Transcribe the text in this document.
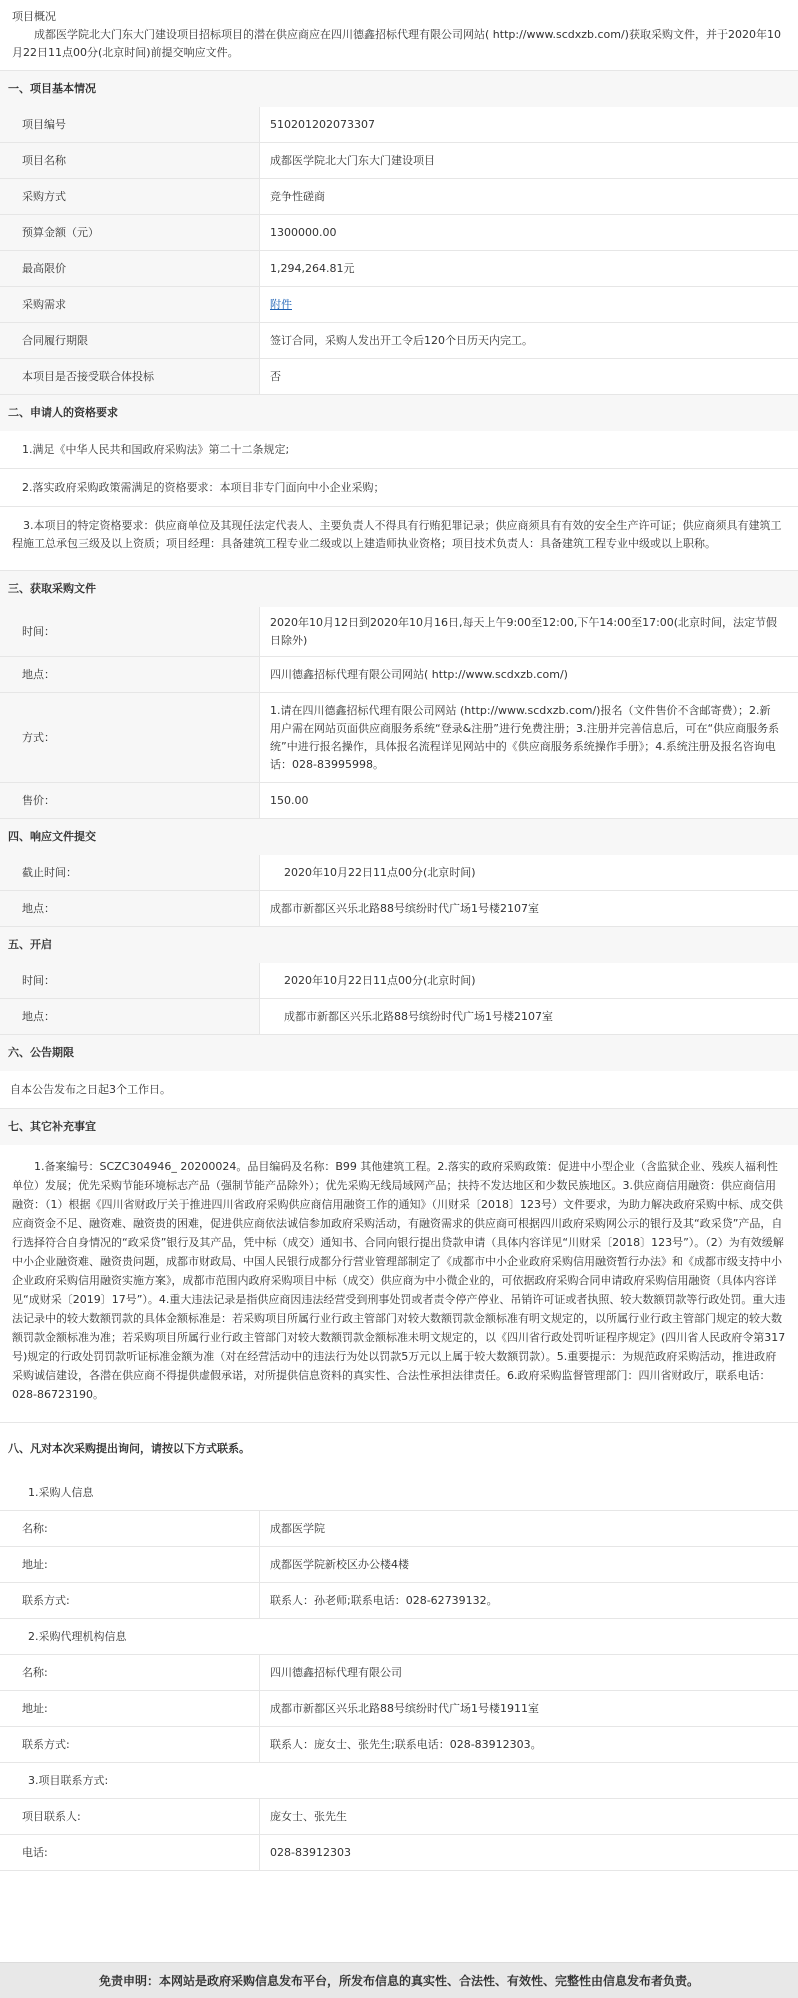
项目概况
成都医学院北大门东大门建设项目招标项目的潜在供应商应在四川德鑫招标代理有限公司网站( http://www.scdxzb.com/)获取采购文件，并于2020年10月22日11点00分(北京时间)前提交响应文件。
一、项目基本情况
项目编号	510201202073307
项目名称	成都医学院北大门东大门建设项目
采购方式	竞争性磋商
预算金额（元）	1300000.00
最高限价	1,294,264.81元
采购需求	附件
合同履行期限	签订合同，采购人发出开工令后120个日历天内完工。
本项目是否接受联合体投标	否
二、申请人的资格要求
1.满足《中华人民共和国政府采购法》第二十二条规定;
2.落实政府采购政策需满足的资格要求：本项目非专门面向中小企业采购；
3.本项目的特定资格要求：供应商单位及其现任法定代表人、主要负责人不得具有行贿犯罪记录；供应商须具有有效的安全生产许可证；供应商须具有建筑工程施工总承包三级及以上资质；项目经理：具备建筑工程专业二级或以上建造师执业资格；项目技术负责人：具备建筑工程专业中级或以上职称。
三、获取采购文件
时间：
2020年10月12日到2020年10月16日,每天上午9:00至12:00,下午14:00至17:00(北京时间，法定节假日除外)
地点：	四川德鑫招标代理有限公司网站( http://www.scdxzb.com/)
方式：
1.请在四川德鑫招标代理有限公司网站 (http://www.scdxzb.com/)报名（文件售价不含邮寄费）；2.新用户需在网站页面供应商服务系统“登录&注册”进行免费注册；3.注册并完善信息后，可在“供应商服务系统”中进行报名操作，具体报名流程详见网站中的《供应商服务系统操作手册》；4.系统注册及报名咨询电话：028-83995998。
售价：	150.00
四、响应文件提交
截止时间：	2020年10月22日11点00分(北京时间)
地点：	成都市新都区兴乐北路88号缤纷时代广场1号楼2107室
五、开启
时间：	2020年10月22日11点00分(北京时间)
地点：	成都市新都区兴乐北路88号缤纷时代广场1号楼2107室
六、公告期限
自本公告发布之日起3个工作日。
七、其它补充事宜
1.备案编号：SCZC304946_ 20200024。品目编码及名称：B99 其他建筑工程。2.落实的政府采购政策：促进中小型企业（含监狱企业、残疾人福利性单位）发展；优先采购节能环境标志产品（强制节能产品除外）；优先采购无线局域网产品；扶持不发达地区和少数民族地区。3.供应商信用融资：供应商信用融资：（1）根据《四川省财政厅关于推进四川省政府采购供应商信用融资工作的通知》（川财采〔2018〕123号）文件要求，为助力解决政府采购中标、成交供应商资金不足、融资难、融资贵的困难，促进供应商依法诚信参加政府采购活动，有融资需求的供应商可根据四川政府采购网公示的银行及其“政采贷”产品，自行选择符合自身情况的“政采贷”银行及其产品，凭中标（成交）通知书、合同向银行提出贷款申请（具体内容详见“川财采〔2018〕123号”）。（2）为有效缓解中小企业融资难、融资贵问题，成都市财政局、中国人民银行成都分行营业管理部制定了《成都市中小企业政府采购信用融资暂行办法》和《成都市级支持中小企业政府采购信用融资实施方案》，成都市范围内政府采购项目中标（成交）供应商为中小微企业的，可依据政府采购合同申请政府采购信用融资（具体内容详见“成财采〔2019〕17号”）。4.重大违法记录是指供应商因违法经营受到刑事处罚或者责令停产停业、吊销许可证或者执照、较大数额罚款等行政处罚。重大违法记录中的较大数额罚款的具体金额标准是：若采购项目所属行业行政主管部门对较大数额罚款金额标准有明文规定的，以所属行业行政主管部门规定的较大数额罚款金额标准为准；若采购项目所属行业行政主管部门对较大数额罚款金额标准未明文规定的，以《四川省行政处罚听证程序规定》(四川省人民政府令第317号)规定的行政处罚罚款听证标准金额为准（对在经营活动中的违法行为处以罚款5万元以上属于较大数额罚款）。5.重要提示：为规范政府采购活动，推进政府采购诚信建设，各潜在供应商不得提供虚假承诺，对所提供信息资料的真实性、合法性承担法律责任。6.政府采购监督管理部门：四川省财政厅，联系电话：028-86723190。
八、凡对本次采购提出询问，请按以下方式联系。
1.采购人信息
名称:	成都医学院
地址:	成都医学院新校区办公楼4楼
联系方式:	联系人：孙老师;联系电话：028-62739132。
2.采购代理机构信息
名称:	四川德鑫招标代理有限公司
地址:	成都市新都区兴乐北路88号缤纷时代广场1号楼1911室
联系方式:	联系人：庞女士、张先生;联系电话：028-83912303。
3.项目联系方式:
项目联系人:	庞女士、张先生
电话:	028-83912303
免责申明：本网站是政府采购信息发布平台，所发布信息的真实性、合法性、有效性、完整性由信息发布者负责。
